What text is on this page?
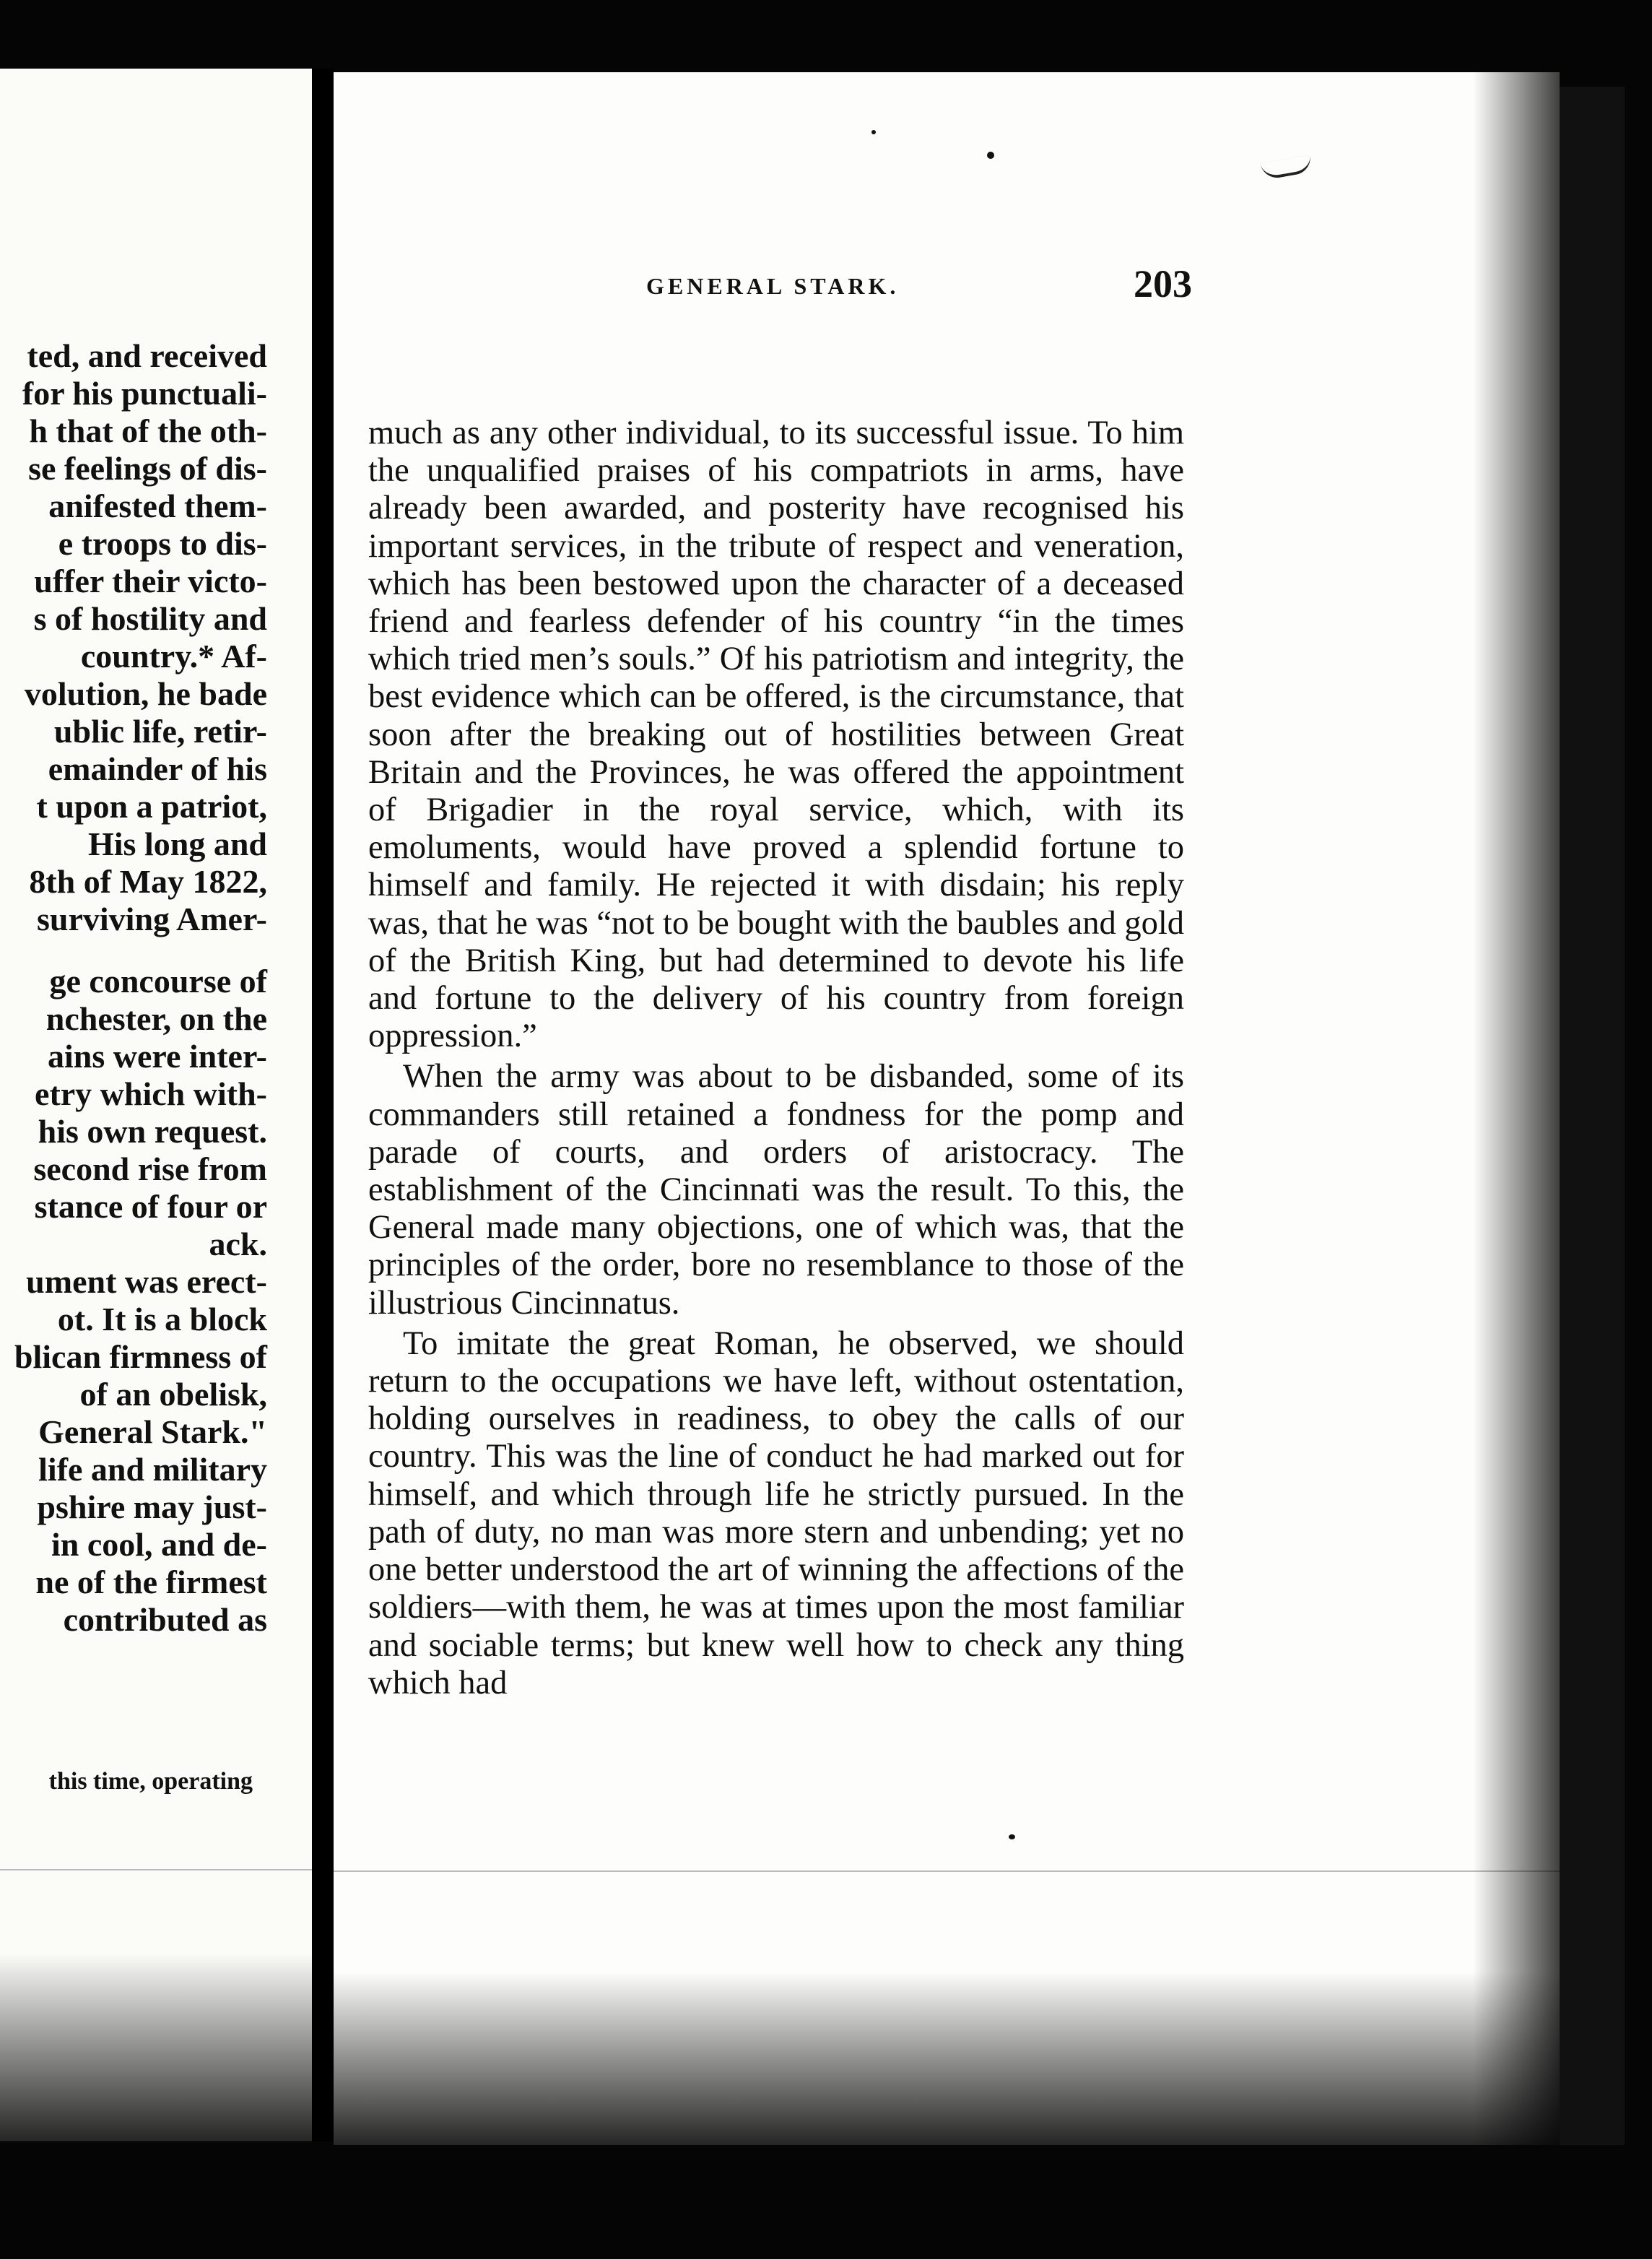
ted, and received
for his punctuali-
h that of the oth-
se feelings of dis-
anifested them-
e troops to dis-
uffer their victo-
s of hostility and
country.* Af-
volution, he bade
ublic life, retir-
emainder of his
t upon a patriot,
His long and
8th of May 1822,
surviving Amer-
ge concourse of
nchester, on the
ains were inter-
etry which with-
his own request.
second rise from
stance of four or
ack.
ument was erect-
ot. It is a block
blican firmness of
of an obelisk,
General Stark."
life and military
pshire may just-
in cool, and de-
ne of the firmest
contributed as
this time, operating
GENERAL STARK.	203

much as any other individual, to its successful issue. To him the unqualified praises of his compatriots in arms, have already been awarded, and posterity have recognised his important services, in the tribute of respect and veneration, which has been bestowed upon the character of a deceased friend and fearless defender of his country “in the times which tried men’s souls.” Of his patriotism and integrity, the best evidence which can be offered, is the circumstance, that soon after the breaking out of hostilities between Great Britain and the Provinces, he was offered the appointment of Brigadier in the royal service, which, with its emoluments, would have proved a splendid fortune to himself and family. He rejected it with disdain; his reply was, that he was “not to be bought with the baubles and gold of the British King, but had determined to devote his life and fortune to the delivery of his country from foreign oppression.”

When the army was about to be disbanded, some of its commanders still retained a fondness for the pomp and parade of courts, and orders of aristocracy. The establishment of the Cincinnati was the result. To this, the General made many objections, one of which was, that the principles of the order, bore no resemblance to those of the illustrious Cincinnatus.

To imitate the great Roman, he observed, we should return to the occupations we have left, without ostentation, holding ourselves in readiness, to obey the calls of our country. This was the line of conduct he had marked out for himself, and which through life he strictly pursued. In the path of duty, no man was more stern and unbending; yet no one better understood the art of winning the affections of the soldiers—with them, he was at times upon the most familiar and sociable terms; but knew well how to check any thing which had
